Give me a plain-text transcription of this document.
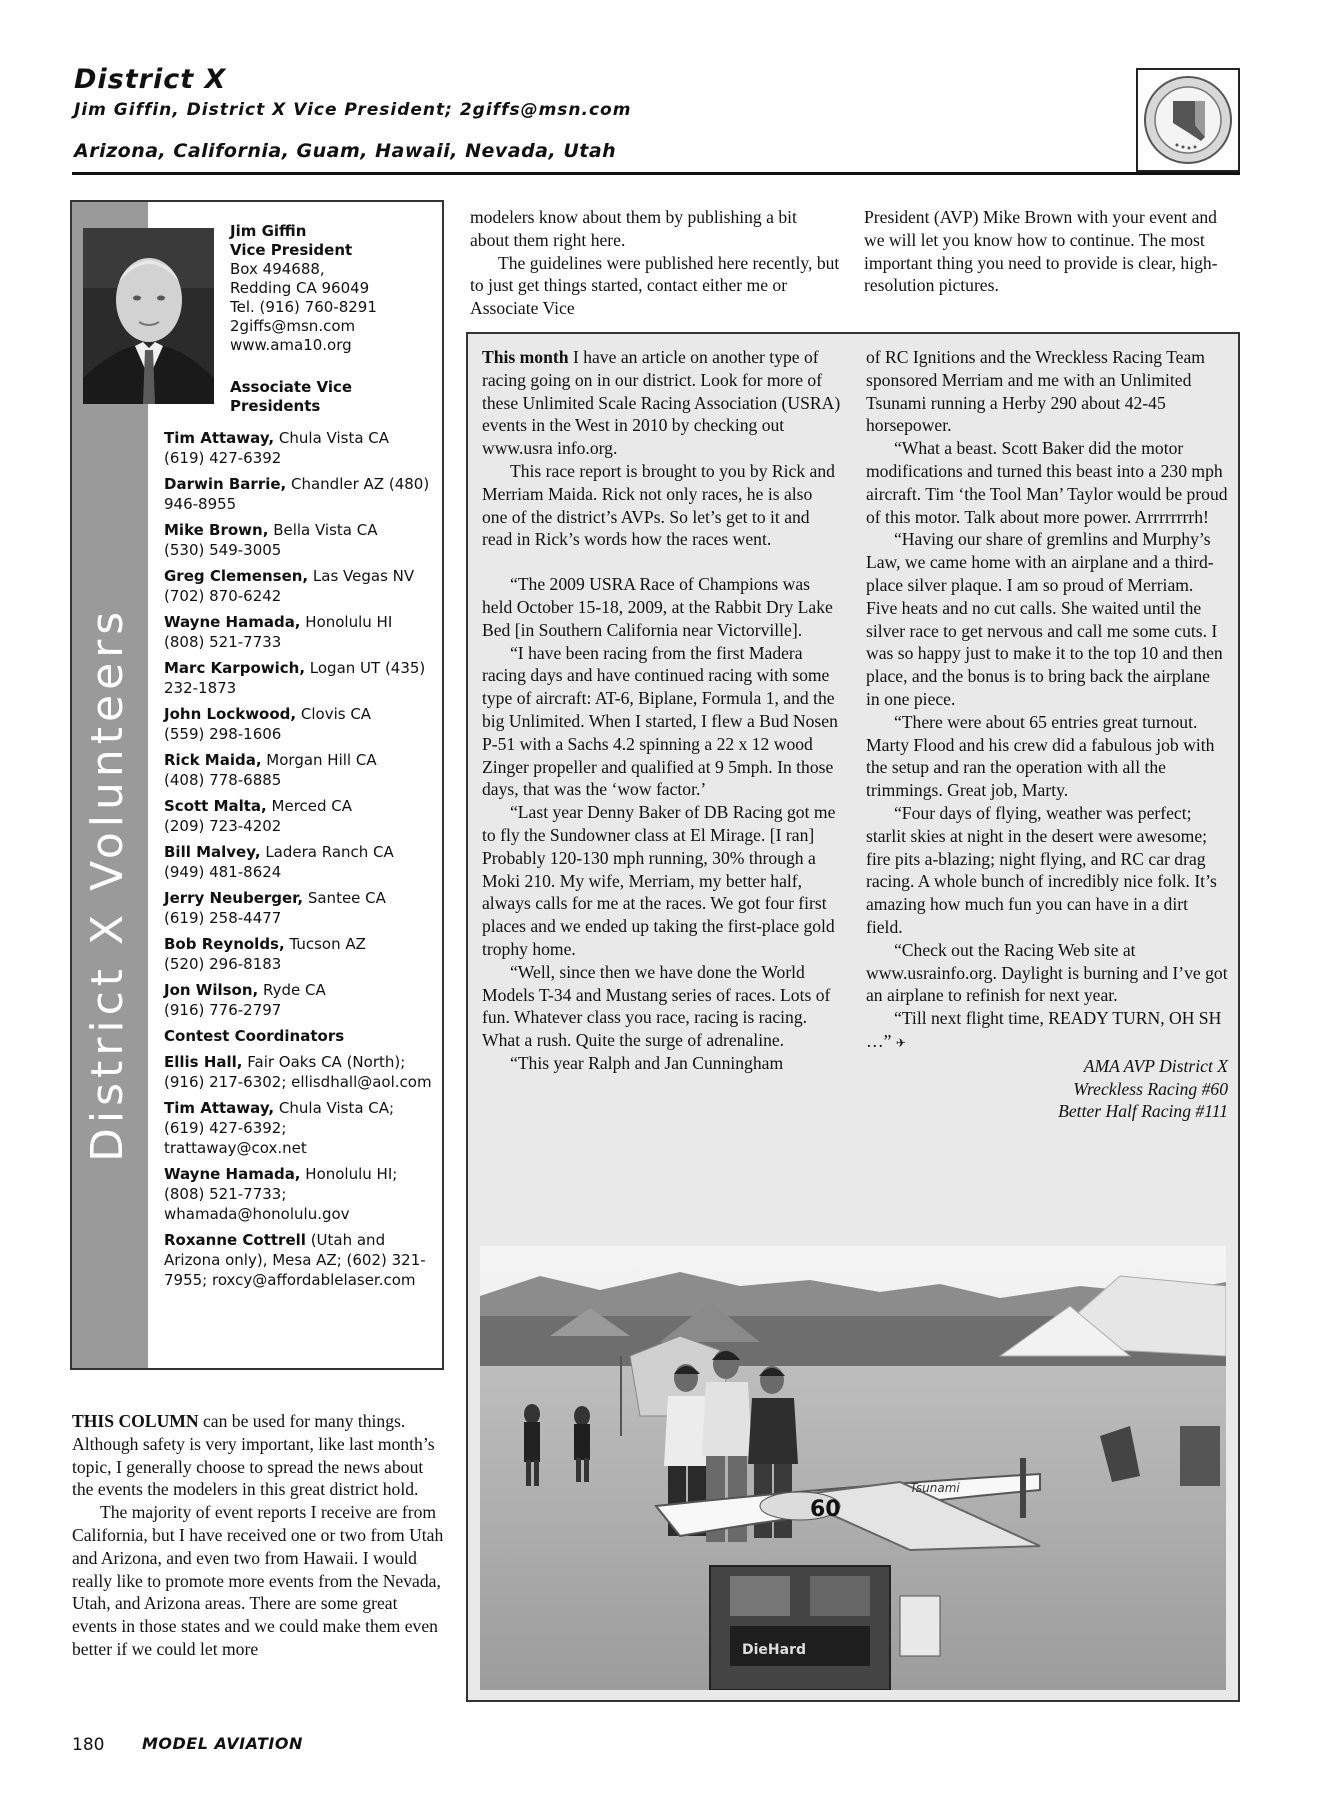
District X
Jim Giffin, District X Vice President; 2giffs@msn.com
Arizona, California, Guam, Hawaii, Nevada, Utah
District X Volunteers
Jim Giffin
Vice President
Box 494688,
Redding CA 96049
Tel. (916) 760-8291
2giffs@msn.com
www.ama10.org
Associate Vice Presidents
Tim Attaway, Chula Vista CA
(619) 427-6392
Darwin Barrie, Chandler AZ (480)
946-8955
Mike Brown, Bella Vista CA
(530) 549-3005
Greg Clemensen, Las Vegas NV
(702) 870-6242
Wayne Hamada, Honolulu HI
(808) 521-7733
Marc Karpowich, Logan UT (435)
232-1873
John Lockwood, Clovis CA
(559) 298-1606
Rick Maida, Morgan Hill CA
(408) 778-6885
Scott Malta, Merced CA
(209) 723-4202
Bill Malvey, Ladera Ranch CA
(949) 481-8624
Jerry Neuberger, Santee CA
(619) 258-4477
Bob Reynolds, Tucson AZ
(520) 296-8183
Jon Wilson, Ryde CA
(916) 776-2797
Contest Coordinators
Ellis Hall, Fair Oaks CA (North);
(916) 217-6302; ellisdhall@aol.com
Tim Attaway, Chula Vista CA;
(619) 427-6392;
trattaway@cox.net
Wayne Hamada, Honolulu HI;
(808) 521-7733;
whamada@honolulu.gov
Roxanne Cottrell (Utah and Arizona only), Mesa AZ; (602) 321-7955; roxcy@affordablelaser.com

THIS COLUMN can be used for many things. Although safety is very important, like last month’s topic, I generally choose to spread the news about the events the modelers in this great district hold.

The majority of event reports I receive are from California, but I have received one or two from Utah and Arizona, and even two from Hawaii. I would really like to promote more events from the Nevada, Utah, and Arizona areas. There are some great events in those states and we could make them even better if we could let more

modelers know about them by publishing a bit about them right here.

The guidelines were published here recently, but to just get things started, contact either me or Associate Vice

President (AVP) Mike Brown with your event and we will let you know how to continue. The most important thing you need to provide is clear, high-resolution pictures.

This month I have an article on another type of racing going on in our district. Look for more of these Unlimited Scale Racing Association (USRA) events in the West in 2010 by checking out www.usra info.org.

This race report is brought to you by Rick and Merriam Maida. Rick not only races, he is also one of the district’s AVPs. So let’s get to it and read in Rick’s words how the races went.

“The 2009 USRA Race of Champions was held October 15-18, 2009, at the Rabbit Dry Lake Bed [in Southern California near Victorville].

“I have been racing from the first Madera racing days and have continued racing with some type of aircraft: AT-6, Biplane, Formula 1, and the big Unlimited. When I started, I flew a Bud Nosen P-51 with a Sachs 4.2 spinning a 22 x 12 wood Zinger propeller and qualified at 9 5mph. In those days, that was the ‘wow factor.’

“Last year Denny Baker of DB Racing got me to fly the Sundowner class at El Mirage. [I ran] Probably 120-130 mph running, 30% through a Moki 210. My wife, Merriam, my better half, always calls for me at the races. We got four first places and we ended up taking the first-place gold trophy home.

“Well, since then we have done the World Models T-34 and Mustang series of races. Lots of fun. Whatever class you race, racing is racing. What a rush. Quite the surge of adrenaline.

“This year Ralph and Jan Cunningham

of RC Ignitions and the Wreckless Racing Team sponsored Merriam and me with an Unlimited Tsunami running a Herby 290 about 42-45 horsepower.

“What a beast. Scott Baker did the motor modifications and turned this beast into a 230 mph aircraft. Tim ‘the Tool Man’ Taylor would be proud of this motor. Talk about more power. Arrrrrrrrh!

“Having our share of gremlins and Murphy’s Law, we came home with an airplane and a third-place silver plaque. I am so proud of Merriam. Five heats and no cut calls. She waited until the silver race to get nervous and call me some cuts. I was so happy just to make it to the top 10 and then place, and the bonus is to bring back the airplane in one piece.

“There were about 65 entries great turnout. Marty Flood and his crew did a fabulous job with the setup and ran the operation with all the trimmings. Great job, Marty.

“Four days of flying, weather was perfect; starlit skies at night in the desert were awesome; fire pits a-blazing; night flying, and RC car drag racing. A whole bunch of incredibly nice folk. It’s amazing how much fun you can have in a dirt field.

“Check out the Racing Web site at www.usrainfo.org. Daylight is burning and I’ve got an airplane to refinish for next year.

“Till next flight time, READY TURN, OH SH …” ✈

AMA AVP District X

Wreckless Racing #60

Better Half Racing #111

60
Tsunami
DieHard
180 MODEL AVIATION
